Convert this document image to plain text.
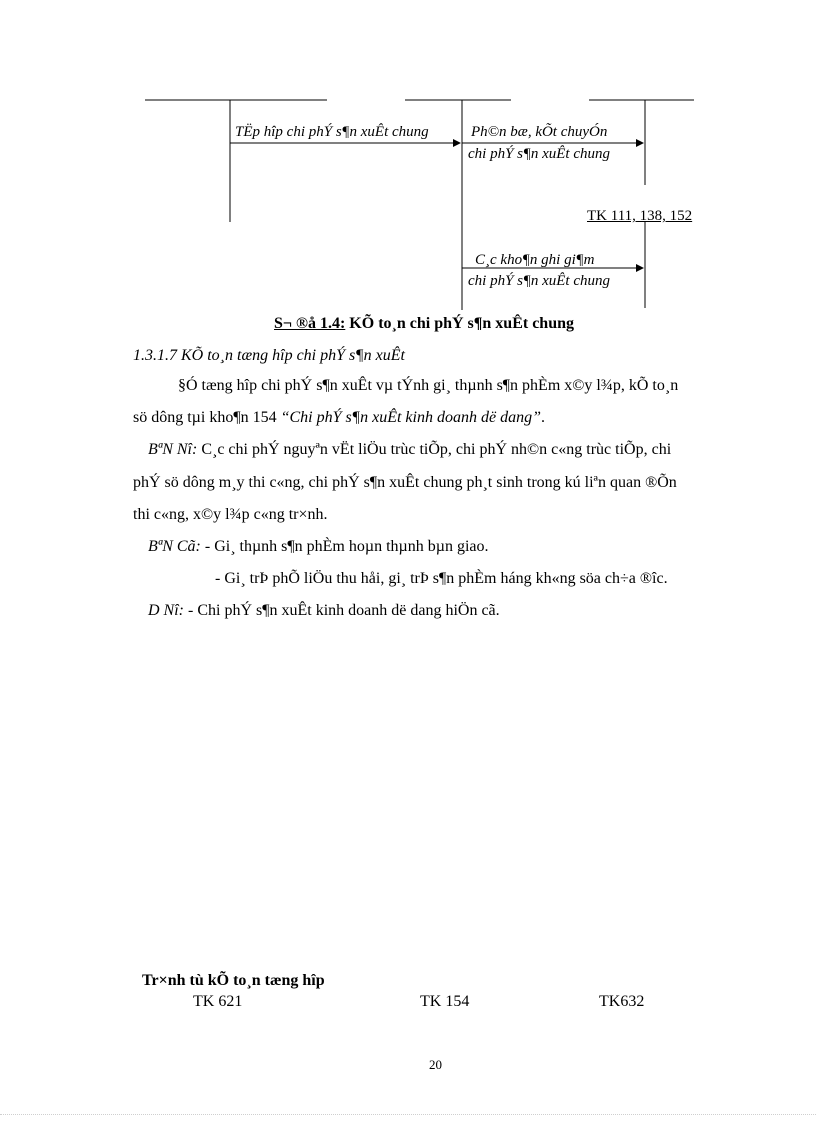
TËp hîp chi phÝ s¶n xuÊt chung	Ph©n bæ, kÕt chuyÓn
chi phÝ s¶n xuÊt chung
TK 111, 138, 152
C¸c kho¶n ghi gi¶m
chi phÝ s¶n xuÊt chung
S¬ ®å 1.4: KÕ to¸n chi phÝ s¶n xuÊt chung
1.3.1.7 KÕ to¸n tæng hîp chi phÝ s¶n xuÊt
§Ó tæng hîp chi phÝ s¶n xuÊt vµ tÝnh gi¸ thµnh s¶n phÈm x©y l¾p, kÕ to¸n
sö dông tµi kho¶n 154 “Chi phÝ s¶n xuÊt kinh doanh dë dang”.
BªN Nî: C¸c chi phÝ nguyªn vËt liÖu trùc tiÕp, chi phÝ nh©n c«ng trùc tiÕp, chi
phÝ sö dông m¸y thi c«ng, chi phÝ s¶n xuÊt chung ph¸t sinh trong kú liªn quan ®Õn
thi c«ng, x©y l¾p c«ng tr×nh.
BªN Cã: - Gi¸ thµnh s¶n phÈm hoµn thµnh bµn giao.
- Gi¸ trÞ phÕ liÖu thu håi, gi¸ trÞ s¶n phÈm háng kh«ng söa ch÷a ®îc.
D Nî: - Chi phÝ s¶n xuÊt kinh doanh dë dang hiÖn cã.
Tr×nh tù kÕ to¸n tæng hîp
TK 621	TK 154	TK632
20
